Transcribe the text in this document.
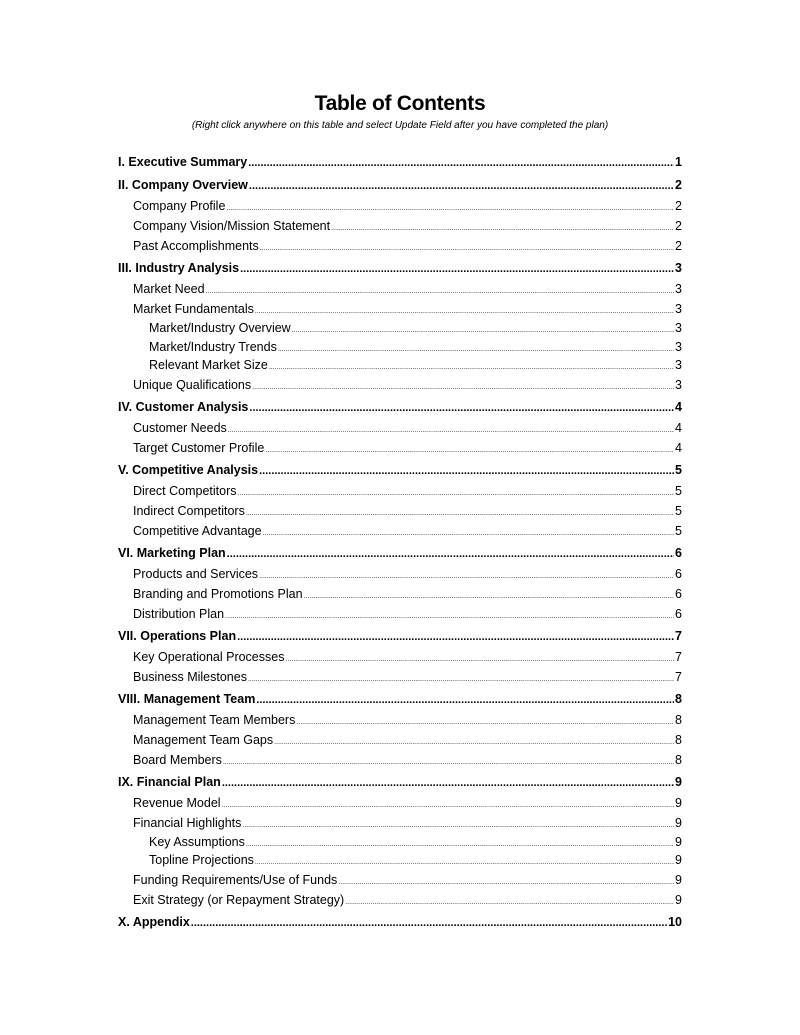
Table of Contents
(Right click anywhere on this table and select Update Field after you have completed the plan)
I. Executive Summary .....	1
II. Company Overview .....	2
Company Profile .....	2
Company Vision/Mission Statement .....	2
Past Accomplishments .....	2
III. Industry Analysis .....	3
Market Need .....	3
Market Fundamentals .....	3
Market/Industry Overview .....	3
Market/Industry Trends .....	3
Relevant Market Size .....	3
Unique Qualifications .....	3
IV. Customer Analysis .....	4
Customer Needs .....	4
Target Customer Profile .....	4
V. Competitive Analysis .....	5
Direct Competitors .....	5
Indirect Competitors .....	5
Competitive Advantage .....	5
VI. Marketing Plan .....	6
Products and Services .....	6
Branding and Promotions Plan .....	6
Distribution Plan .....	6
VII. Operations Plan .....	7
Key Operational Processes .....	7
Business Milestones .....	7
VIII. Management Team .....	8
Management Team Members .....	8
Management Team Gaps .....	8
Board Members .....	8
IX. Financial Plan .....	9
Revenue Model .....	9
Financial Highlights .....	9
Key Assumptions .....	9
Topline Projections .....	9
Funding Requirements/Use of Funds .....	9
Exit Strategy (or Repayment Strategy) .....	9
X. Appendix .....	10
